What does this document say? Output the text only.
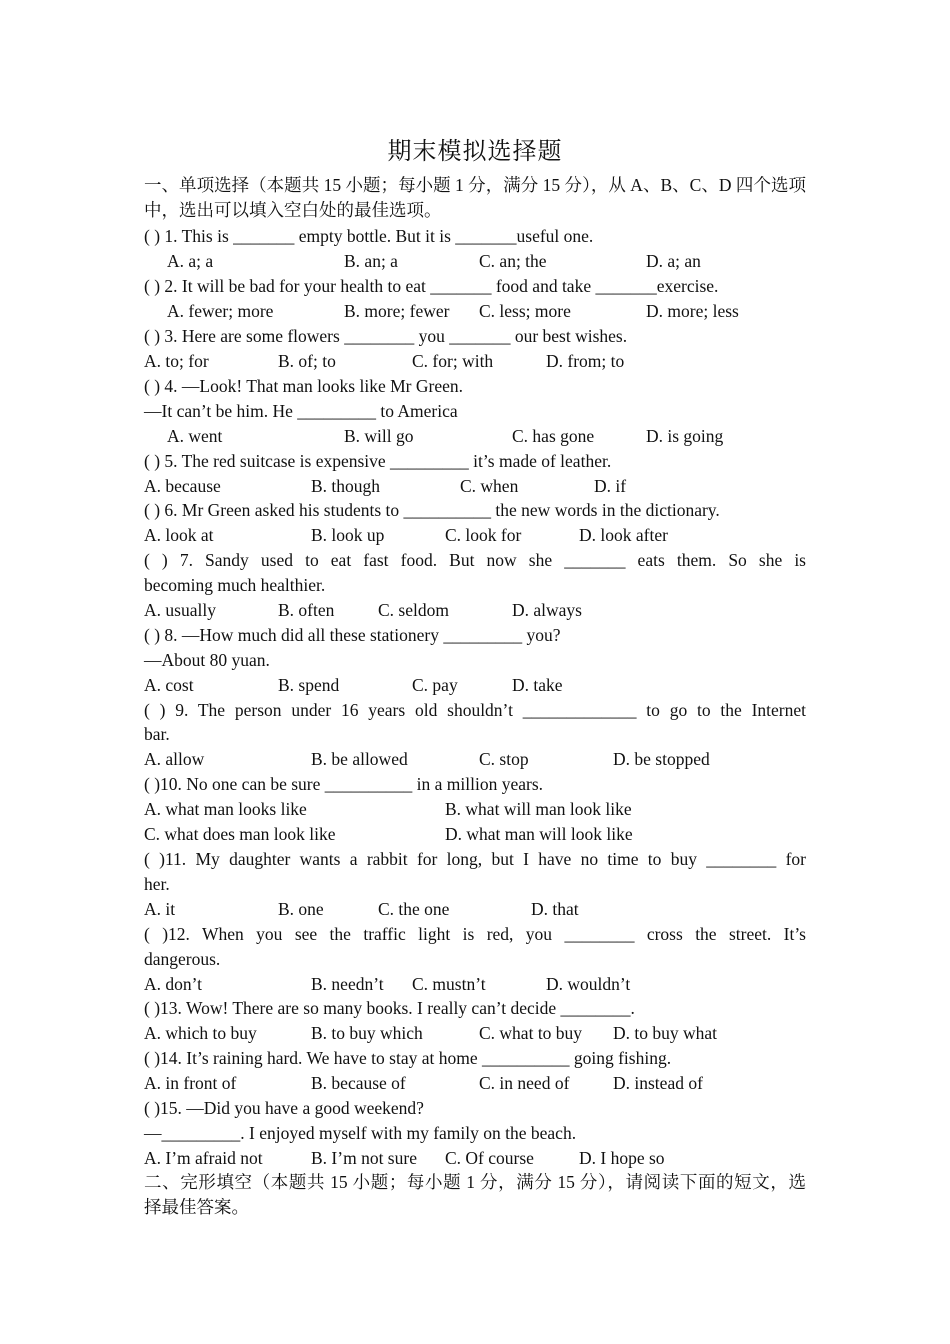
期末模拟选择题
一、单项选择（本题共 15 小题；每小题 1 分，满分 15 分），从 A、B、C、D 四个选项
中，选出可以填入空白处的最佳选项。
( ) 1. This is _______ empty bottle. But it is _______useful one.
A. a; a	B. an; a	C. an; the	D. a; an
( ) 2. It will be bad for your health to eat _______ food and take _______exercise.
A. fewer; more	B. more; fewer C. less; more	D. more; less
( ) 3. Here are some flowers ________ you _______ our best wishes.
A. to; for	B. of; to	C. for; with	D. from; to
( ) 4. —Look! That man looks like Mr Green.
—It can’t be him. He _________ to America
A. went	B. will go	C. has gone	D. is going
( ) 5. The red suitcase is expensive _________ it’s made of leather.
A. because	B. though	C. when	D. if
( ) 6. Mr Green asked his students to __________ the new words in the dictionary.
A. look at	B. look up	C. look for	D. look after
( ) 7. Sandy used to eat fast food. But now she _______ eats them. So she is
becoming much healthier.
A. usually	B. often C. seldom	D. always
( ) 8. —How much did all these stationery _________ you?
—About 80 yuan.
A. cost	B. spend	C. pay	D. take
( ) 9. The person under 16 years old shouldn’t _____________ to go to the Internet
bar.
A. allow	B. be allowed	C. stop	D. be stopped
( )10. No one can be sure __________ in a million years.
A. what man looks like	B. what will man look like
C. what does man look like	D. what man will look like
( )11. My daughter wants a rabbit for long, but I have no time to buy ________ for
her.
A. it	B. one	C. the one	D. that
( )12. When you see the traffic light is red, you ________ cross the street. It’s
dangerous.
A. don’t	B. needn’t C. mustn’t	D. wouldn’t
( )13. Wow! There are so many books. I really can’t decide ________.
A. which to buy	B. to buy which	C. what to buy D. to buy what
( )14. It’s raining hard. We have to stay at home __________ going fishing.
A. in front of	B. because of	C. in need of D. instead of
( )15. —Did you have a good weekend?
—_________. I enjoyed myself with my family on the beach.
A. I’m afraid not	B. I’m not sure C. Of course	D. I hope so
二、完形填空（本题共 15 小题；每小题 1 分，满分 15 分），请阅读下面的短文，选
择最佳答案。
